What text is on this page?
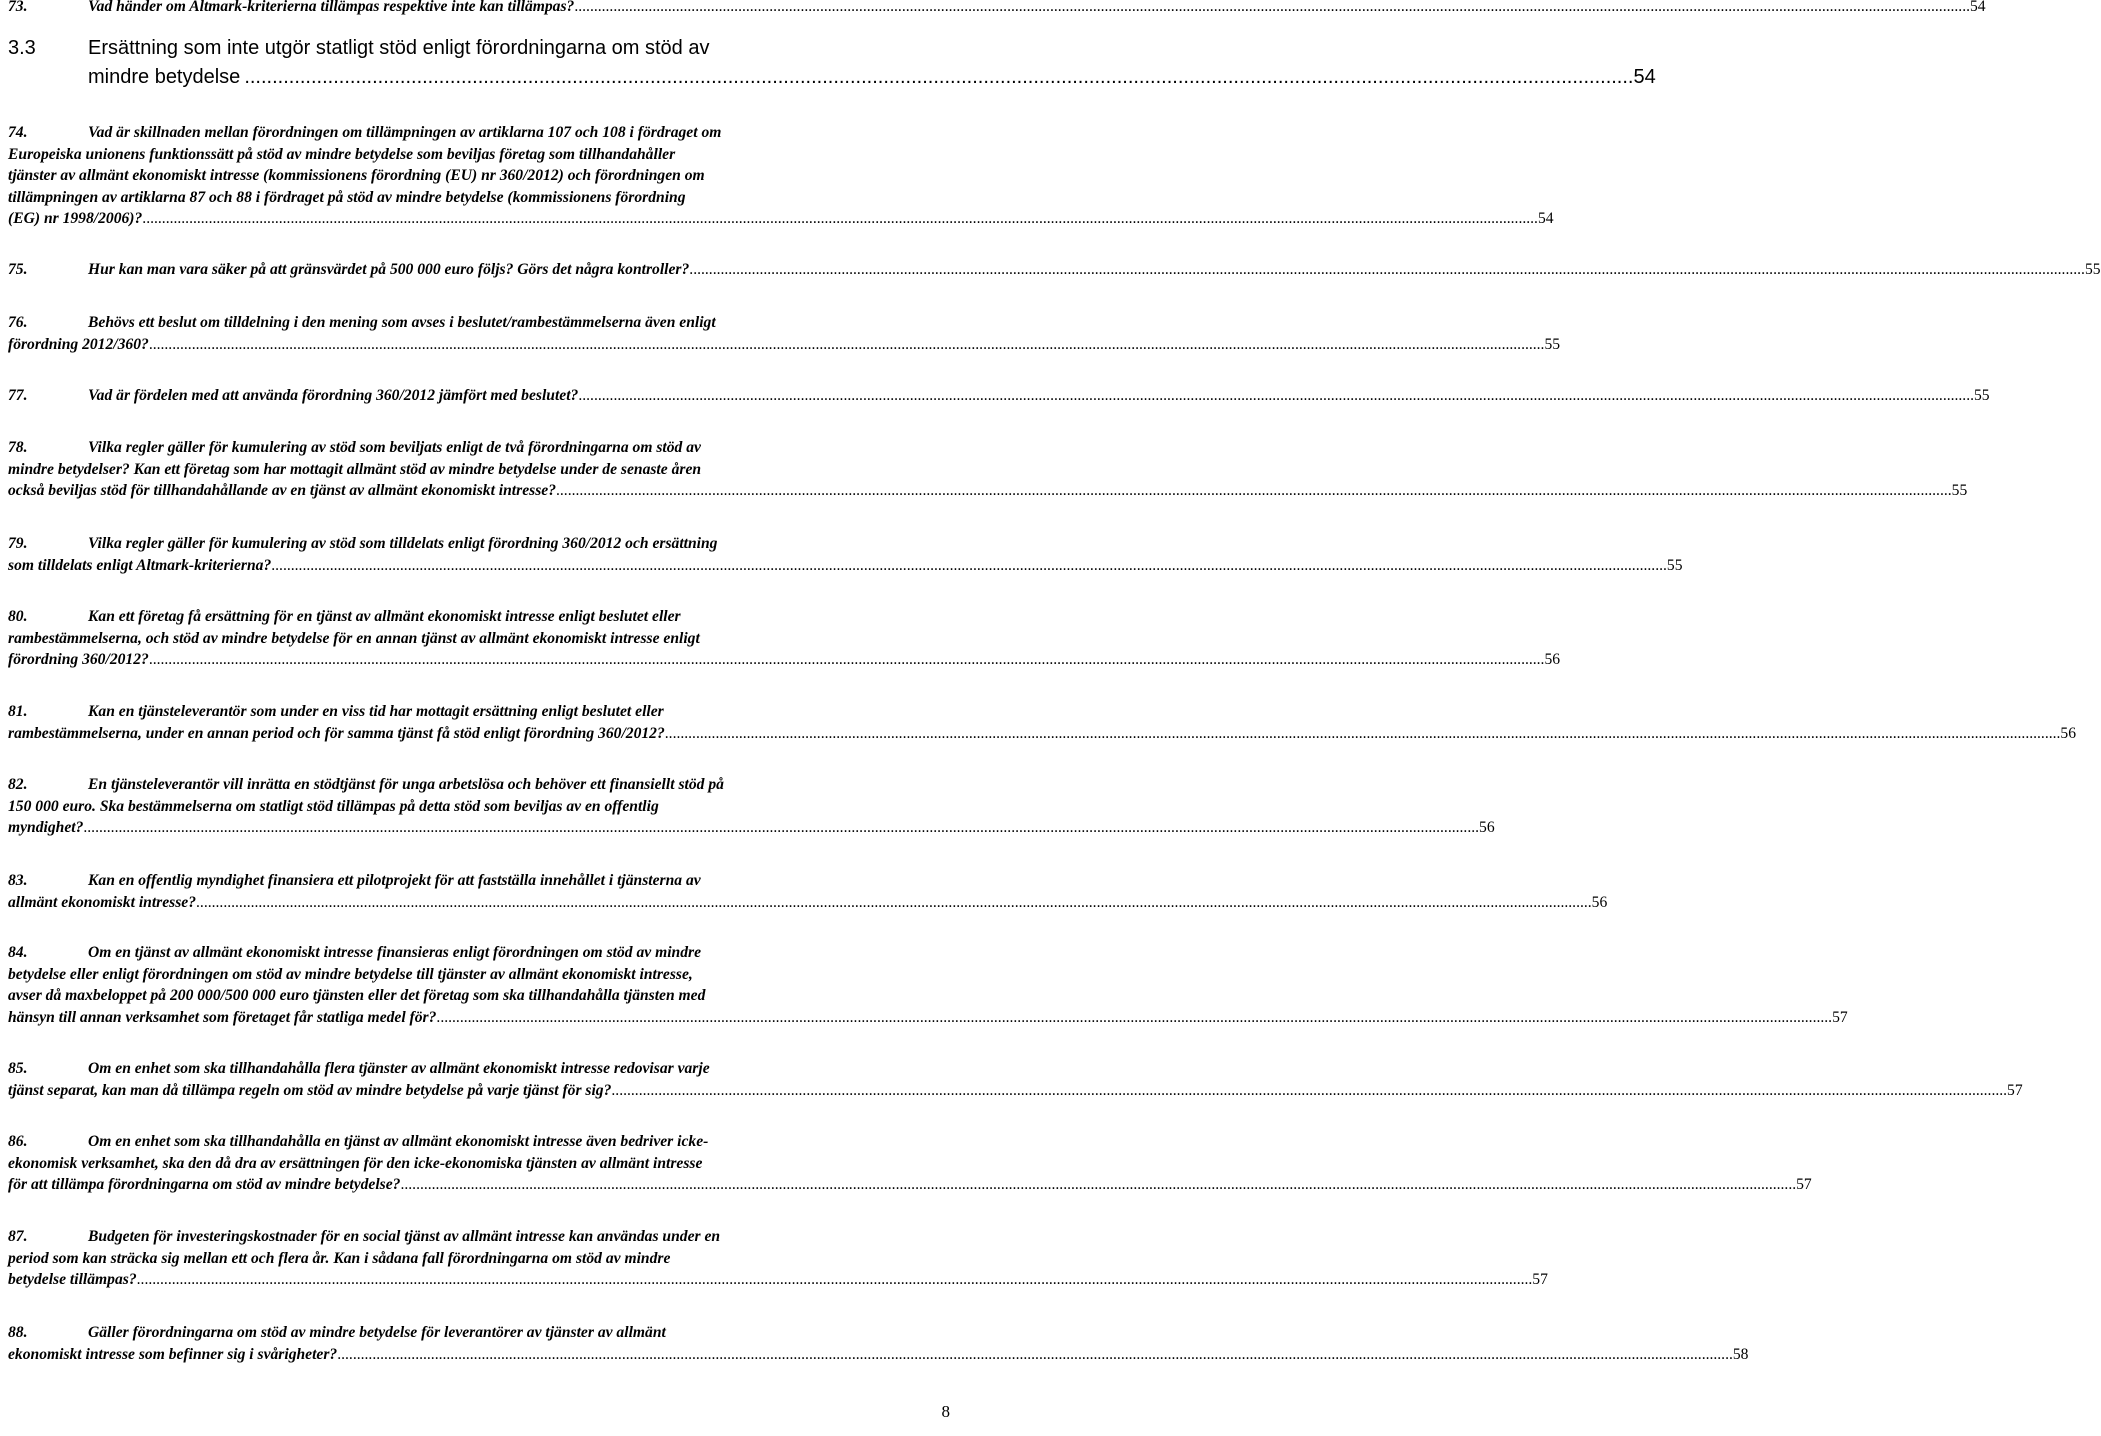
73.	Vad händer om Altmark-kriterierna tillämpas respektive inte kan tillämpas? .....	54
3.3	Ersättning som inte utgör statligt stöd enligt förordningarna om stöd av
mindre betydelse .....	54
74.	Vad är skillnaden mellan förordningen om tillämpningen av artiklarna 107 och 108 i fördraget om
Europeiska unionens funktionssätt på stöd av mindre betydelse som beviljas företag som tillhandahåller
tjänster av allmänt ekonomiskt intresse (kommissionens förordning (EU) nr 360/2012) och förordningen om
tillämpningen av artiklarna 87 och 88 i fördraget på stöd av mindre betydelse (kommissionens förordning
(EG) nr 1998/2006)? .....	54
75.	Hur kan man vara säker på att gränsvärdet på 500 000 euro följs? Görs det några kontroller? .....	55
76.	Behövs ett beslut om tilldelning i den mening som avses i beslutet/rambestämmelserna även enligt
förordning 2012/360? .....	55
77.	Vad är fördelen med att använda förordning 360/2012 jämfört med beslutet? .....	55
78.	Vilka regler gäller för kumulering av stöd som beviljats enligt de två förordningarna om stöd av
mindre betydelser? Kan ett företag som har mottagit allmänt stöd av mindre betydelse under de senaste åren
också beviljas stöd för tillhandahållande av en tjänst av allmänt ekonomiskt intresse? .....	55
79.	Vilka regler gäller för kumulering av stöd som tilldelats enligt förordning 360/2012 och ersättning
som tilldelats enligt Altmark-kriterierna? .....	55
80.	Kan ett företag få ersättning för en tjänst av allmänt ekonomiskt intresse enligt beslutet eller
rambestämmelserna, och stöd av mindre betydelse för en annan tjänst av allmänt ekonomiskt intresse enligt
förordning 360/2012? .....	56
81.	Kan en tjänsteleverantör som under en viss tid har mottagit ersättning enligt beslutet eller
rambestämmelserna, under en annan period och för samma tjänst få stöd enligt förordning 360/2012? .....	56
82.	En tjänsteleverantör vill inrätta en stödtjänst för unga arbetslösa och behöver ett finansiellt stöd på
150 000 euro. Ska bestämmelserna om statligt stöd tillämpas på detta stöd som beviljas av en offentlig
myndighet? .....	56
83.	Kan en offentlig myndighet finansiera ett pilotprojekt för att fastställa innehållet i tjänsterna av
allmänt ekonomiskt intresse? .....	56
84.	Om en tjänst av allmänt ekonomiskt intresse finansieras enligt förordningen om stöd av mindre
betydelse eller enligt förordningen om stöd av mindre betydelse till tjänster av allmänt ekonomiskt intresse,
avser då maxbeloppet på 200 000/500 000 euro tjänsten eller det företag som ska tillhandahålla tjänsten med
hänsyn till annan verksamhet som företaget får statliga medel för? .....	57
85.	Om en enhet som ska tillhandahålla flera tjänster av allmänt ekonomiskt intresse redovisar varje
tjänst separat, kan man då tillämpa regeln om stöd av mindre betydelse på varje tjänst för sig? .....	57
86.	Om en enhet som ska tillhandahålla en tjänst av allmänt ekonomiskt intresse även bedriver icke-
ekonomisk verksamhet, ska den då dra av ersättningen för den icke-ekonomiska tjänsten av allmänt intresse
för att tillämpa förordningarna om stöd av mindre betydelse? .....	57
87.	Budgeten för investeringskostnader för en social tjänst av allmänt intresse kan användas under en
period som kan sträcka sig mellan ett och flera år. Kan i sådana fall förordningarna om stöd av mindre
betydelse tillämpas? .....	57
88.	Gäller förordningarna om stöd av mindre betydelse för leverantörer av tjänster av allmänt
ekonomiskt intresse som befinner sig i svårigheter? .....	58
8
